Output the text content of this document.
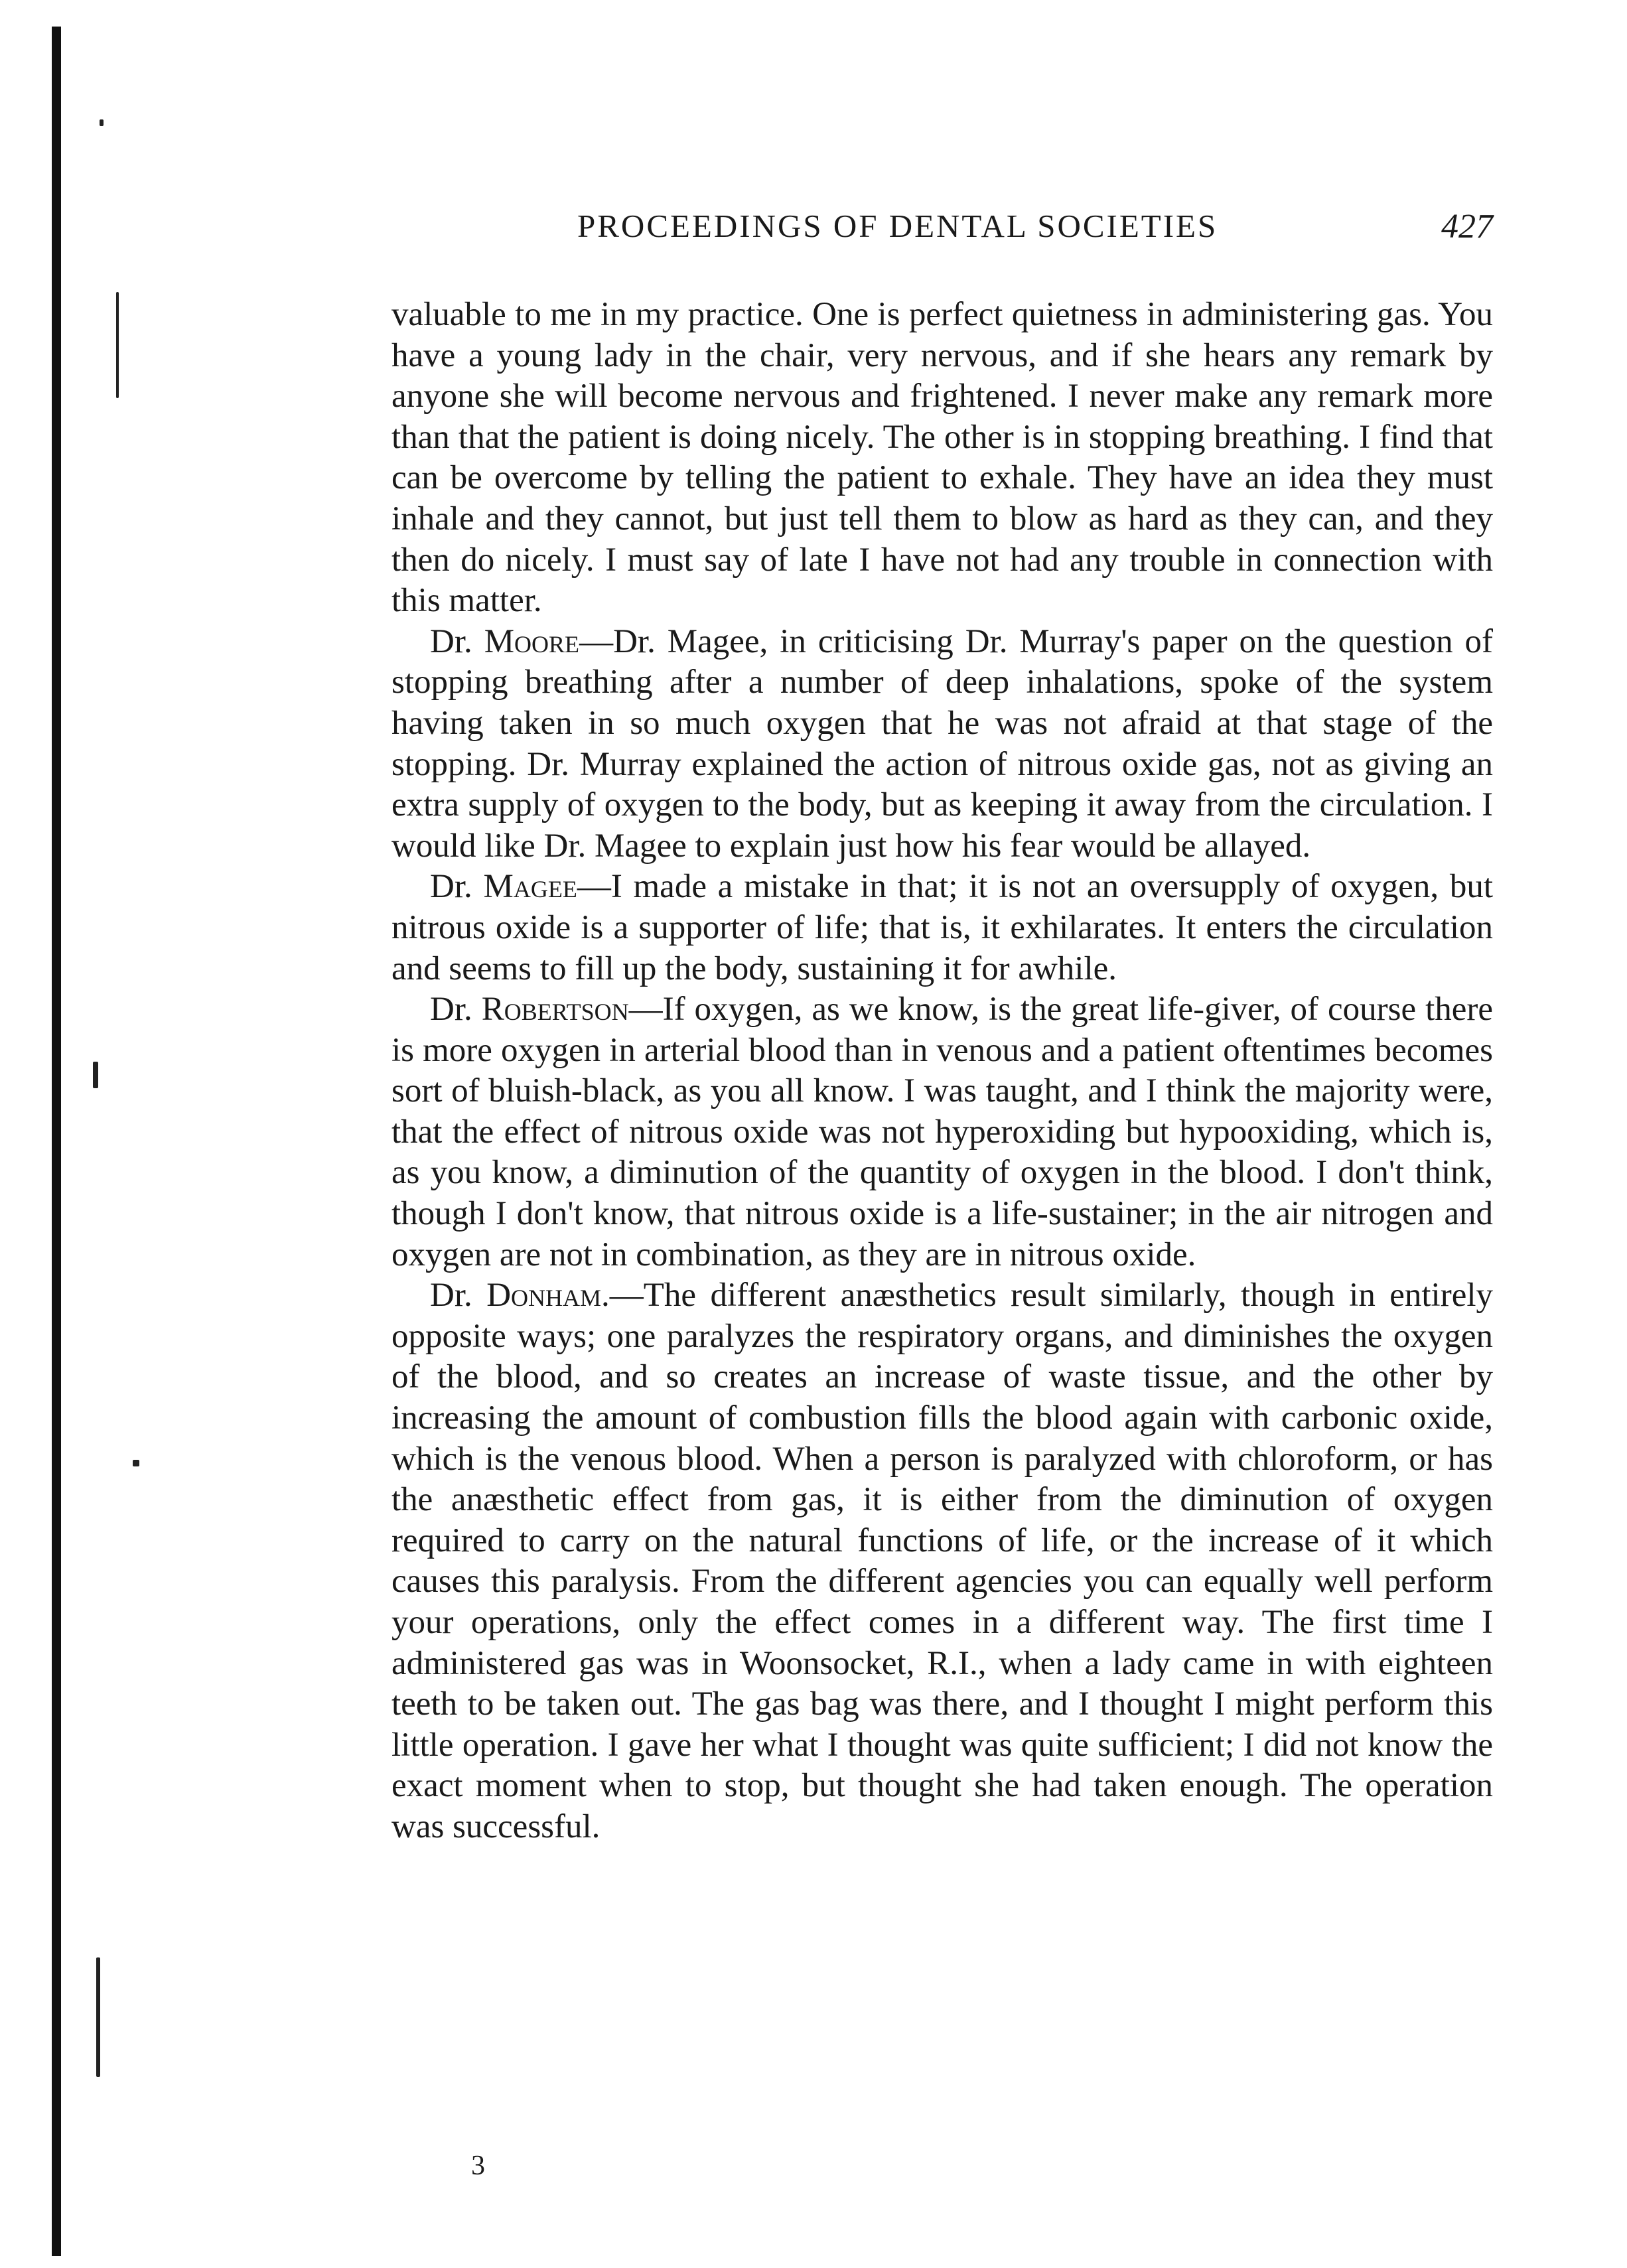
PROCEEDINGS OF DENTAL SOCIETIES	427

valuable to me in my practice. One is perfect quietness in administering gas. You have a young lady in the chair, very nervous, and if she hears any remark by anyone she will become nervous and frightened. I never make any remark more than that the patient is doing nicely. The other is in stopping breathing. I find that can be overcome by telling the patient to exhale. They have an idea they must inhale and they cannot, but just tell them to blow as hard as they can, and they then do nicely. I must say of late I have not had any trouble in connection with this matter.

Dr. Moore—Dr. Magee, in criticising Dr. Murray's paper on the question of stopping breathing after a number of deep inhalations, spoke of the system having taken in so much oxygen that he was not afraid at that stage of the stopping. Dr. Murray explained the action of nitrous oxide gas, not as giving an extra supply of oxygen to the body, but as keeping it away from the circulation. I would like Dr. Magee to explain just how his fear would be allayed.

Dr. Magee—I made a mistake in that; it is not an oversupply of oxygen, but nitrous oxide is a supporter of life; that is, it exhilarates. It enters the circulation and seems to fill up the body, sustaining it for awhile.

Dr. Robertson—If oxygen, as we know, is the great life-giver, of course there is more oxygen in arterial blood than in venous and a patient oftentimes becomes sort of bluish-black, as you all know. I was taught, and I think the majority were, that the effect of nitrous oxide was not hyperoxiding but hypooxiding, which is, as you know, a diminution of the quantity of oxygen in the blood. I don't think, though I don't know, that nitrous oxide is a life-sustainer; in the air nitrogen and oxygen are not in combination, as they are in nitrous oxide.

Dr. Donham.—The different anæsthetics result similarly, though in entirely opposite ways; one paralyzes the respiratory organs, and diminishes the oxygen of the blood, and so creates an increase of waste tissue, and the other by increasing the amount of combustion fills the blood again with carbonic oxide, which is the venous blood. When a person is paralyzed with chloroform, or has the anæsthetic effect from gas, it is either from the diminution of oxygen required to carry on the natural functions of life, or the increase of it which causes this paralysis. From the different agencies you can equally well perform your operations, only the effect comes in a different way. The first time I administered gas was in Woonsocket, R.I., when a lady came in with eighteen teeth to be taken out. The gas bag was there, and I thought I might perform this little operation. I gave her what I thought was quite sufficient; I did not know the exact moment when to stop, but thought she had taken enough. The operation was successful.

3
